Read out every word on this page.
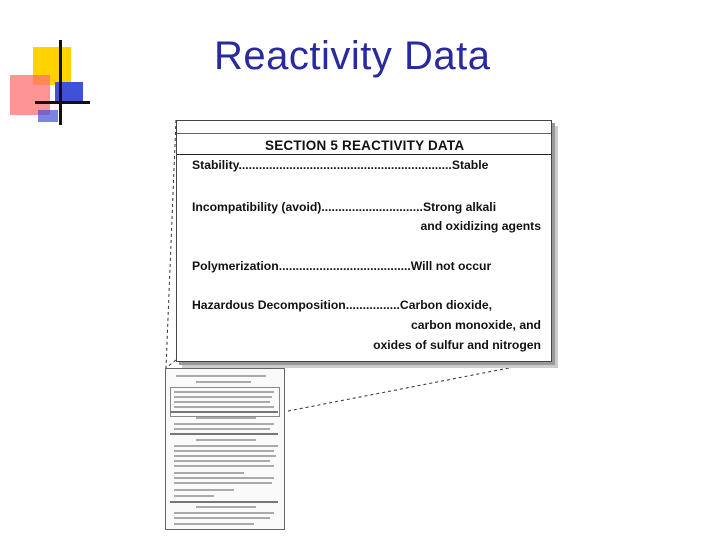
Reactivity Data
SECTION 5 REACTIVITY DATA
Stability...............................................................Stable
Incompatibility (avoid)..............................Strong alkali
and oxidizing agents
Polymerization.......................................Will not occur
Hazardous Decomposition................Carbon dioxide,
carbon monoxide, and
oxides of sulfur and nitrogen
